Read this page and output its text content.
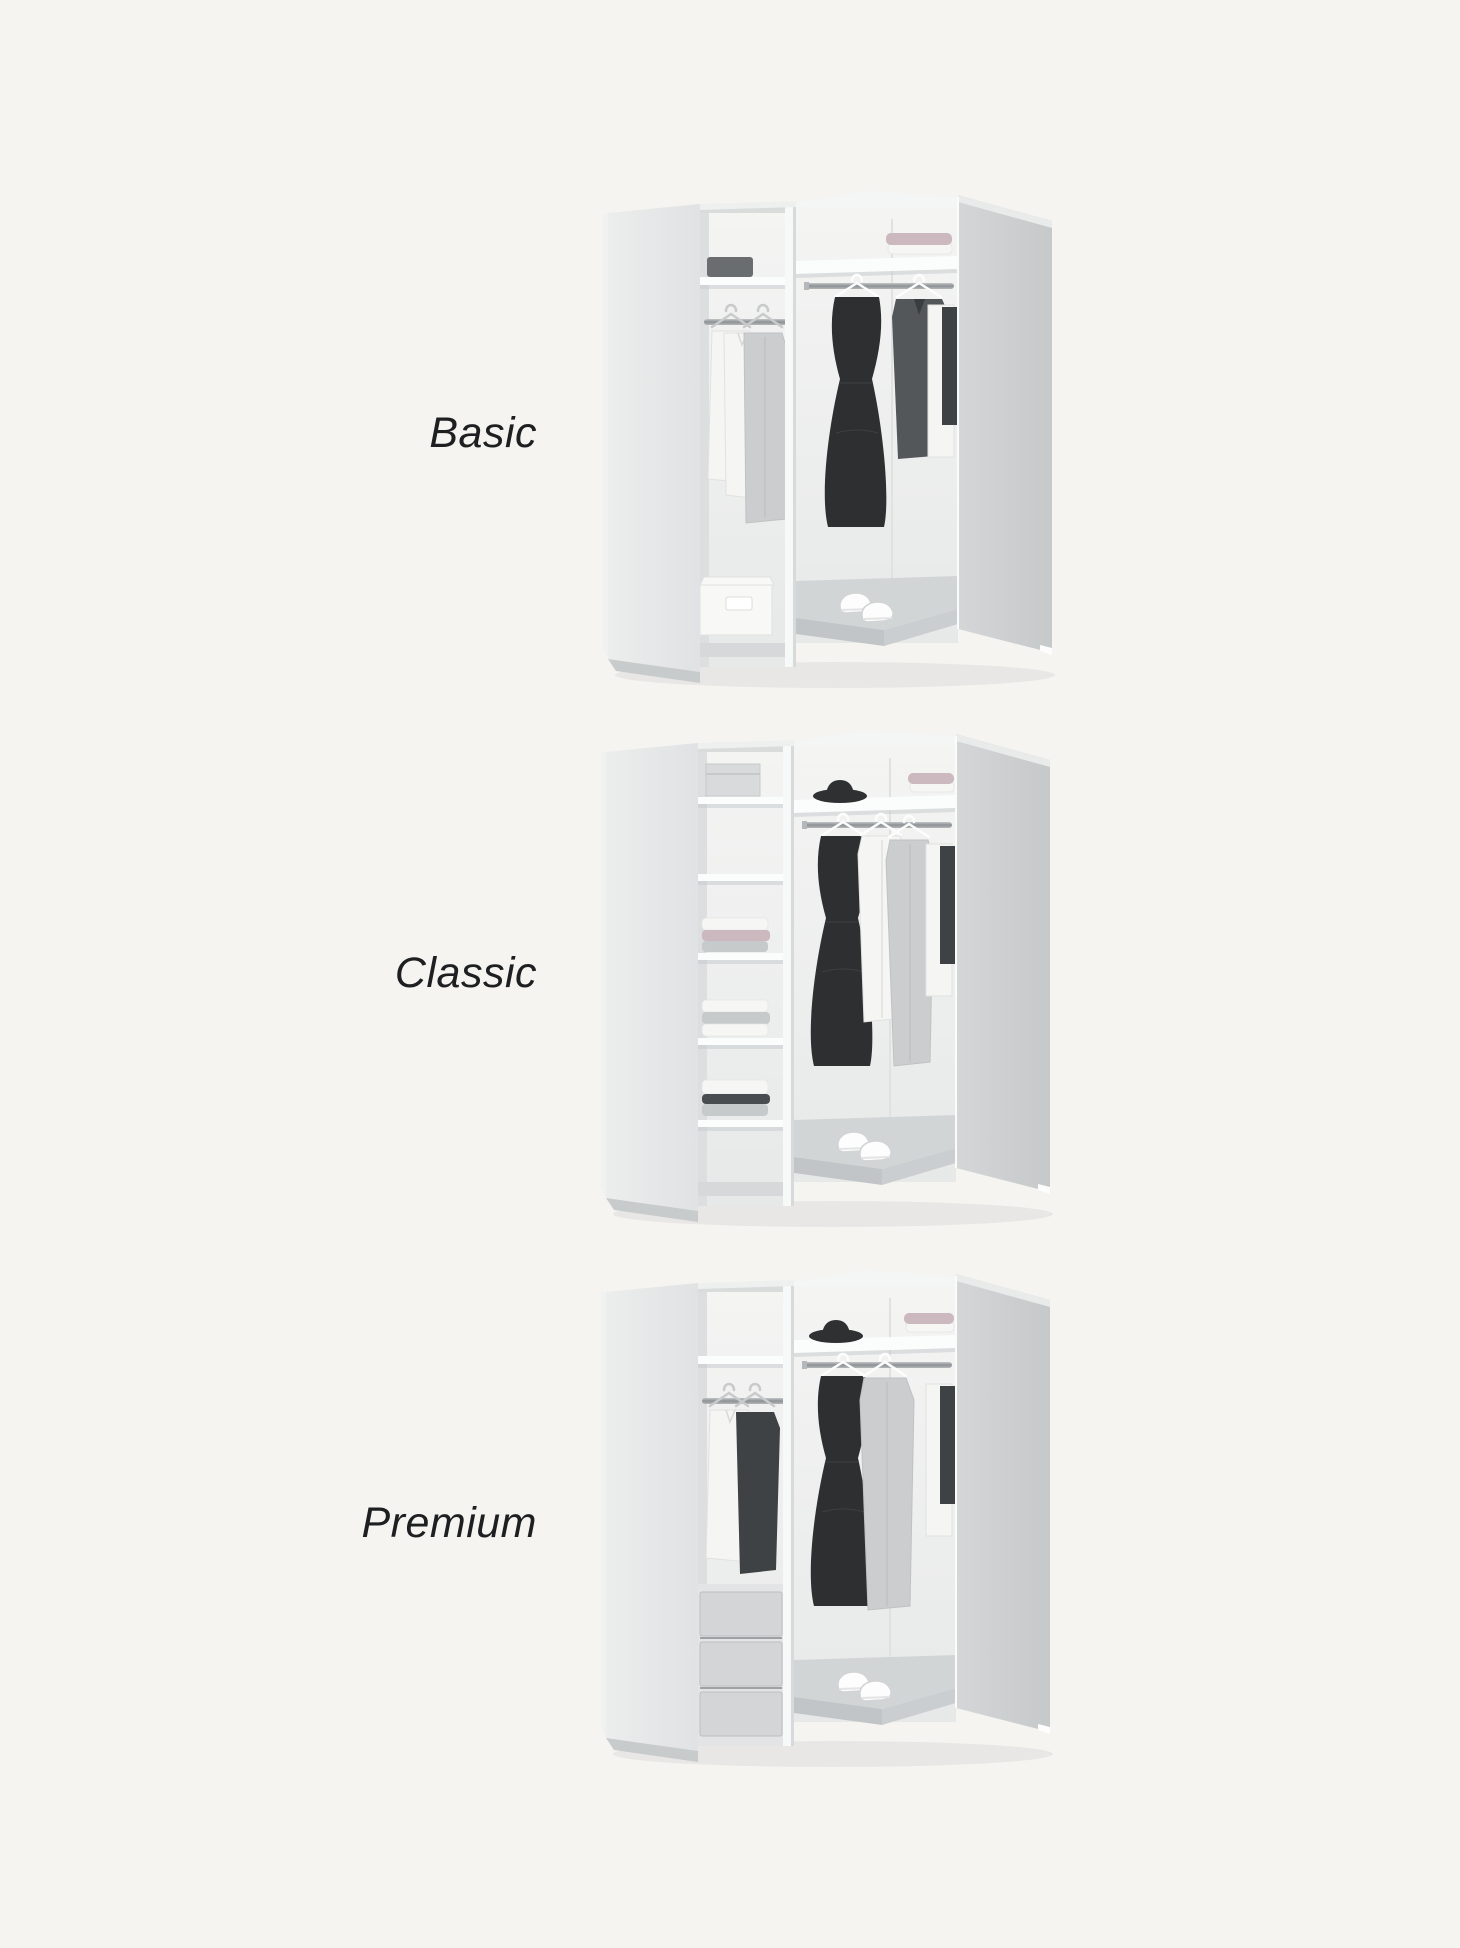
Basic
Classic
Premium
